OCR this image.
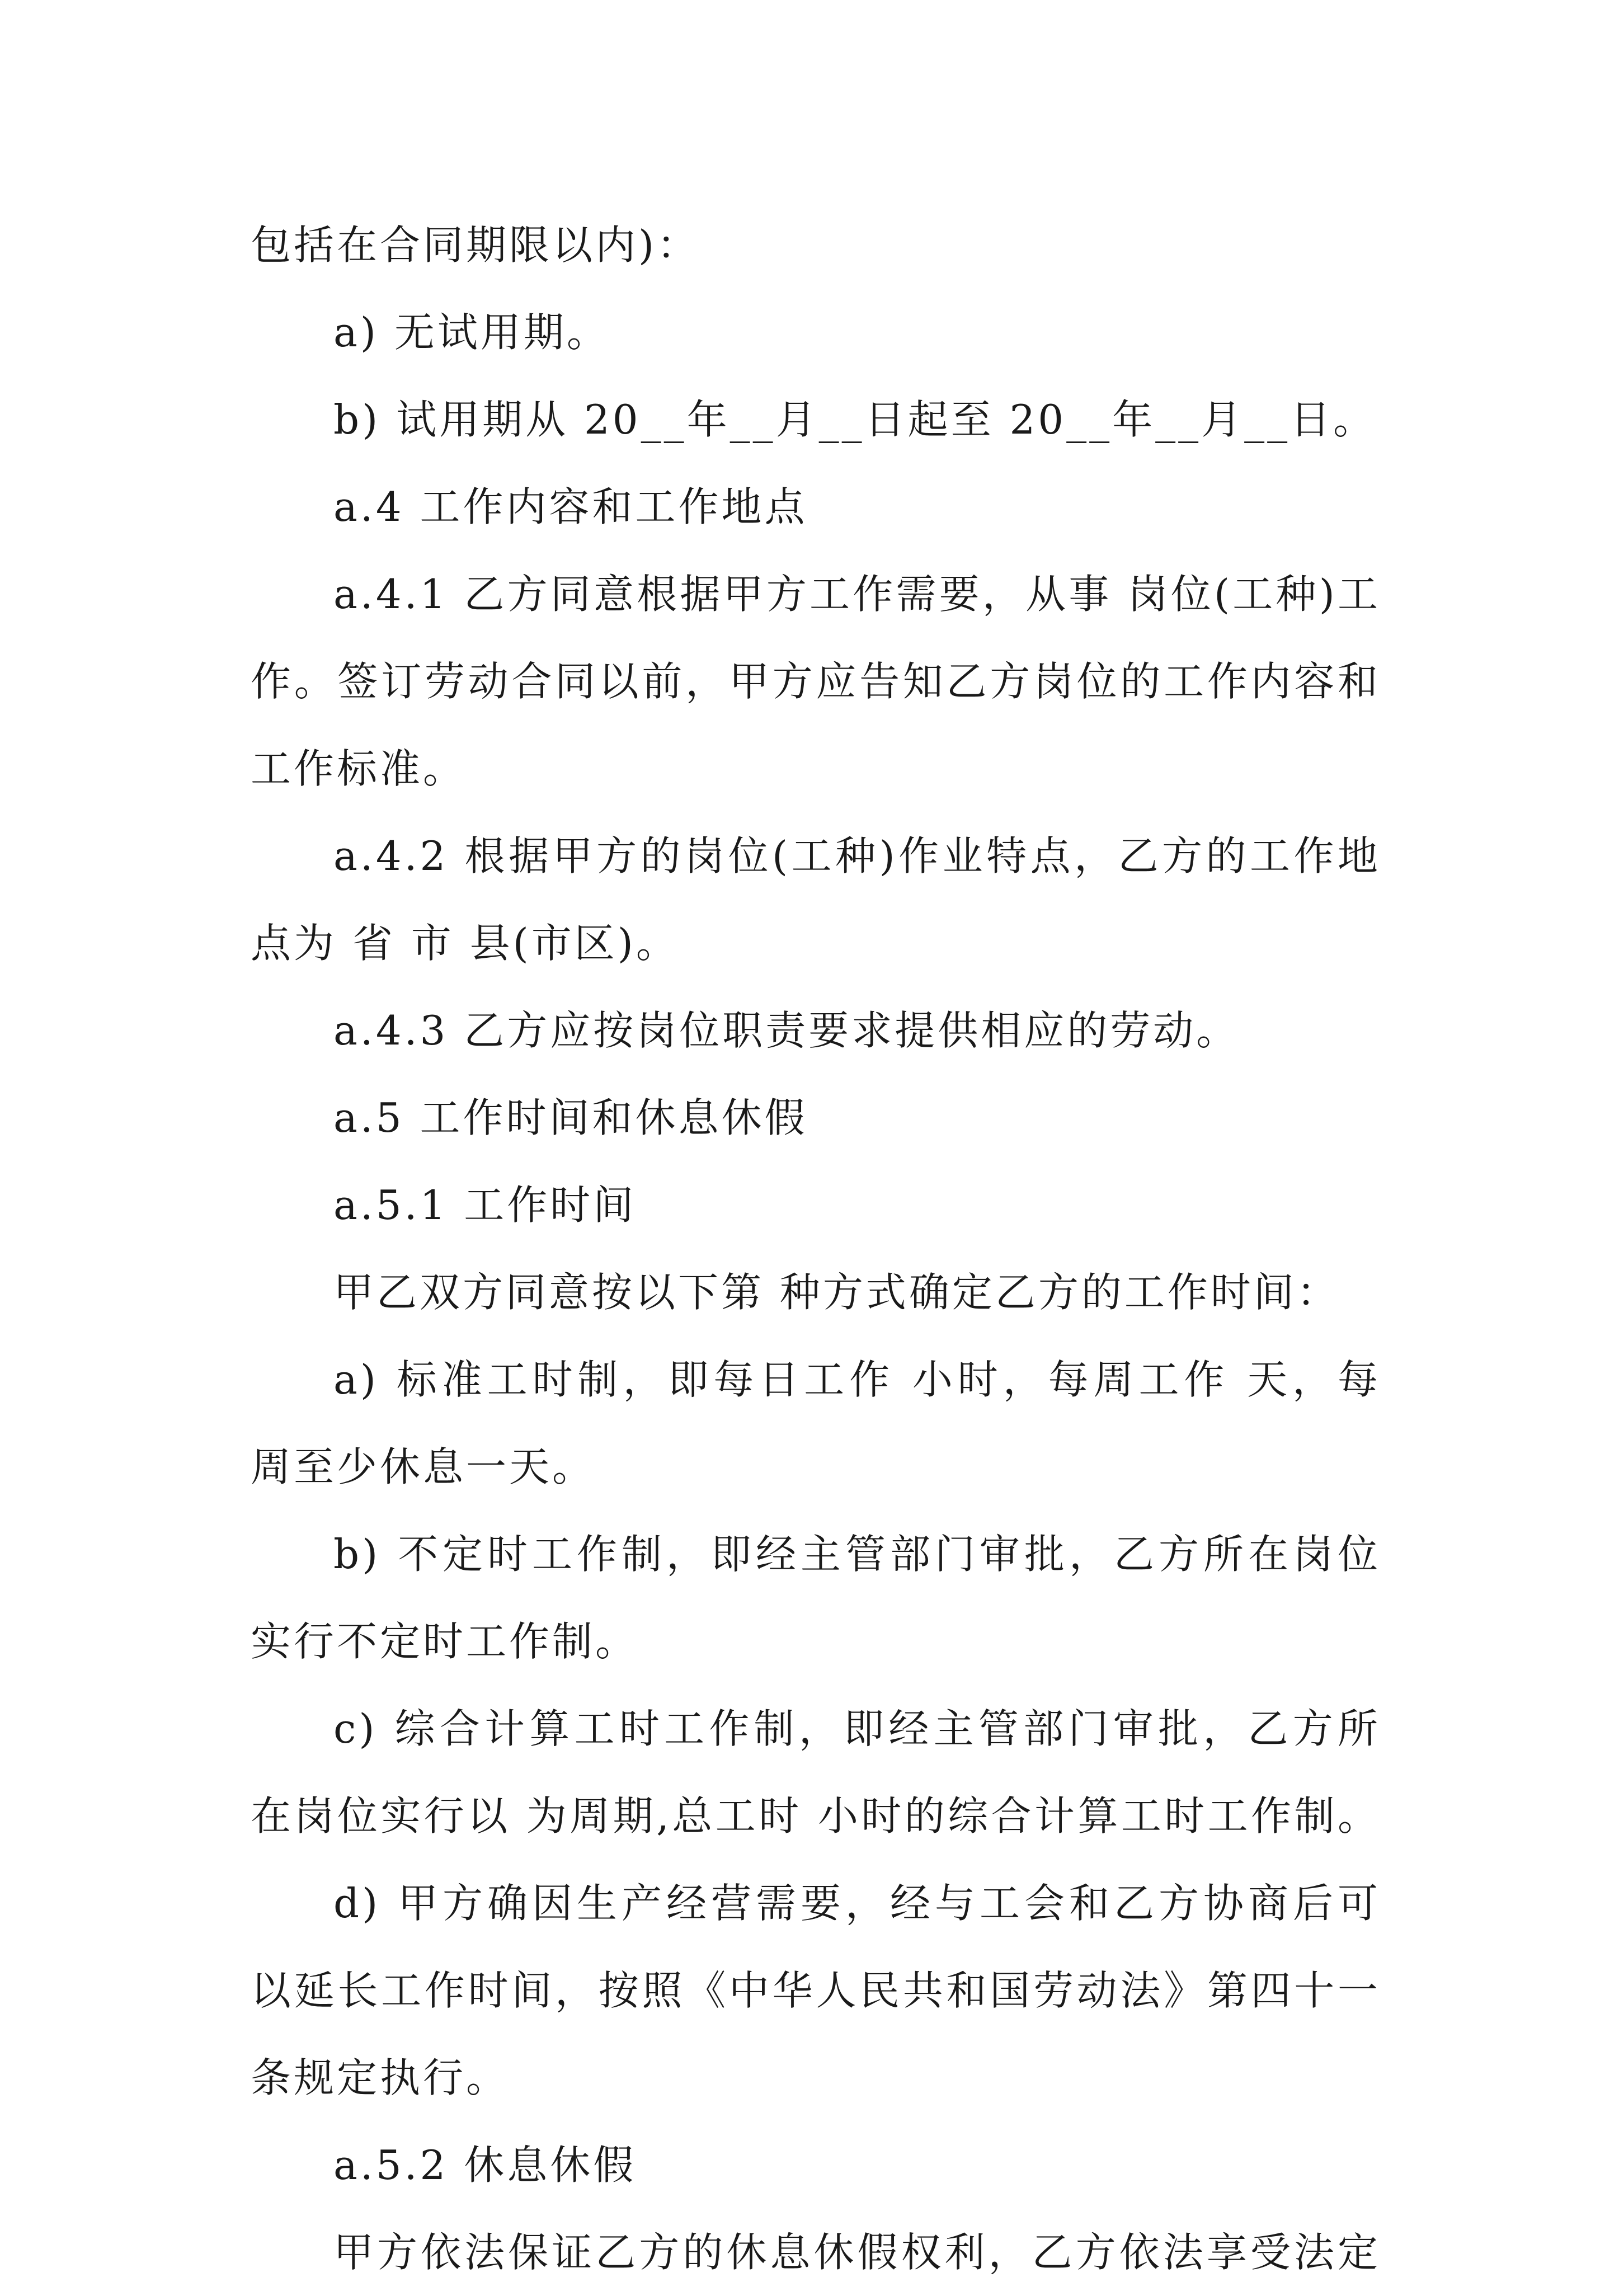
包括在合同期限以内)：
a) 无试用期。
b) 试用期从 20__年__月__日起至 20__年__月__日。
a.4 工作内容和工作地点
a.4.1 乙方同意根据甲方工作需要，从事 岗位(工种)工
作。签订劳动合同以前，甲方应告知乙方岗位的工作内容和
工作标准。
a.4.2 根据甲方的岗位(工种)作业特点，乙方的工作地
点为 省 市 县(市区)。
a.4.3 乙方应按岗位职责要求提供相应的劳动。
a.5 工作时间和休息休假
a.5.1 工作时间
甲乙双方同意按以下第 种方式确定乙方的工作时间：
a) 标准工时制，即每日工作 小时，每周工作 天，每
周至少休息一天。
b) 不定时工作制，即经主管部门审批，乙方所在岗位
实行不定时工作制。
c) 综合计算工时工作制，即经主管部门审批，乙方所
在岗位实行以 为周期,总工时 小时的综合计算工时工作制。
d) 甲方确因生产经营需要，经与工会和乙方协商后可
以延长工作时间，按照《中华人民共和国劳动法》第四十一
条规定执行。
a.5.2 休息休假
甲方依法保证乙方的休息休假权利，乙方依法享受法定
